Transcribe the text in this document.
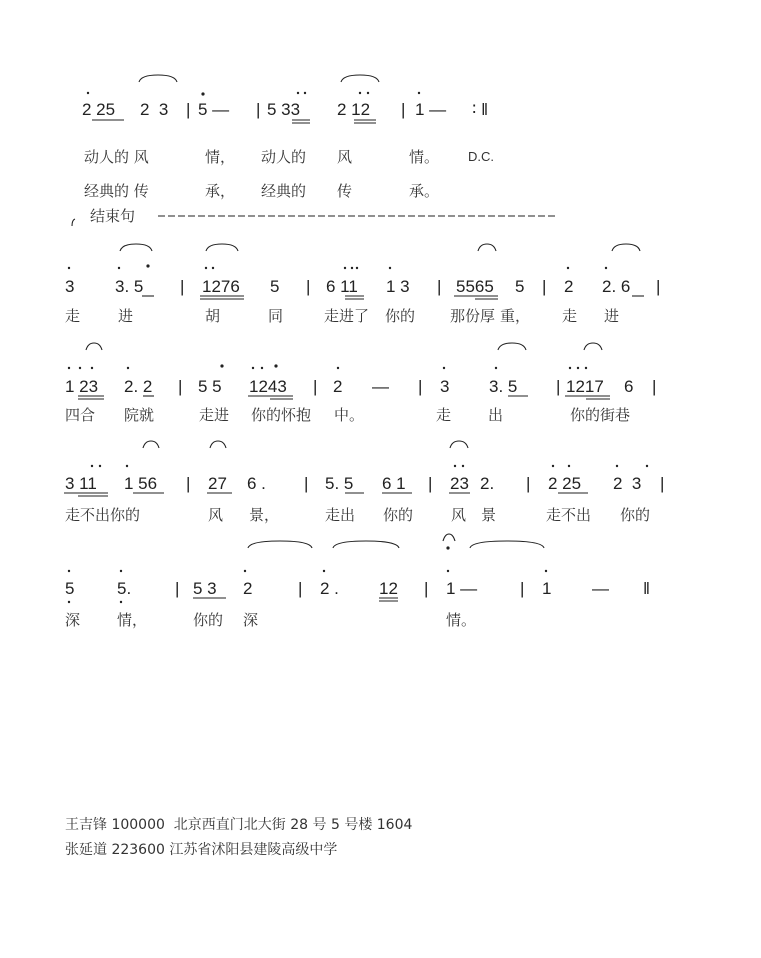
2 25 2  3 | 5 — | 5 33 2 12 | 1 — ∶ ‖
动人的 风	情， 动人的 风	情。 D.C.
经典的 传	承， 经典的 传	承。
结束句
3 3. 5 | 1276 5 | 6 11 1 3 | 5565 5 | 2 2. 6 |
走	进	胡	同	走进了 你的 那份厚 重， 走 进
1 23 2. 2 | 5 5 1243 | 2 — | 3 3. 5 | 1217 6 |
四合 院就	走进 你的怀抱 中。	走 出	你的街巷
3 11 1 56 | 27 6 . | 5. 5 6 1 | 23 2. | 2 25 2  3 |
走不出你的	风 景，	走出 你的	风 景	走不出 你的
5	5.	| 5 3 2	| 2 . 12 | 1 —	| 1 — ‖
深 情，	你的 深	情。
王吉锋 100000  北京西直门北大街 28 号 5 号楼 1604
张延道 223600 江苏省沭阳县建陵高级中学
